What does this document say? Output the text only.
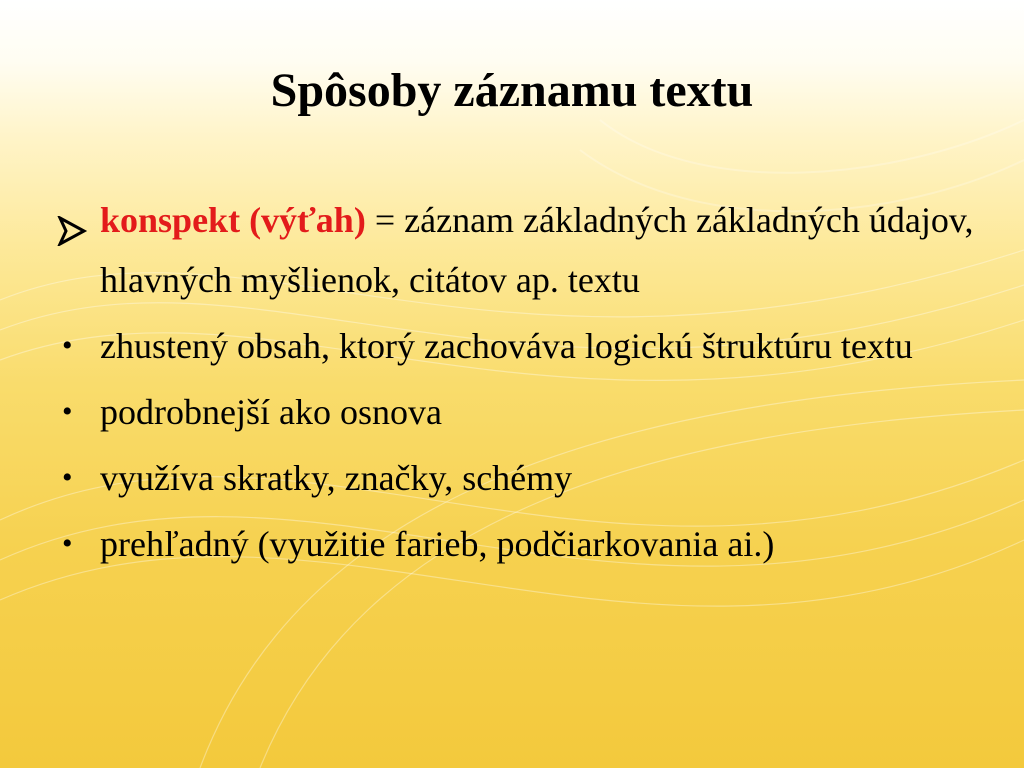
Spôsoby záznamu textu
konspekt (výťah) = záznam základných základných údajov, hlavných myšlienok, citátov ap. textu
• zhustený obsah, ktorý zachováva logickú štruktúru textu
• podrobnejší ako osnova
• využíva skratky, značky, schémy
• prehľadný (využitie farieb, podčiarkovania ai.)
